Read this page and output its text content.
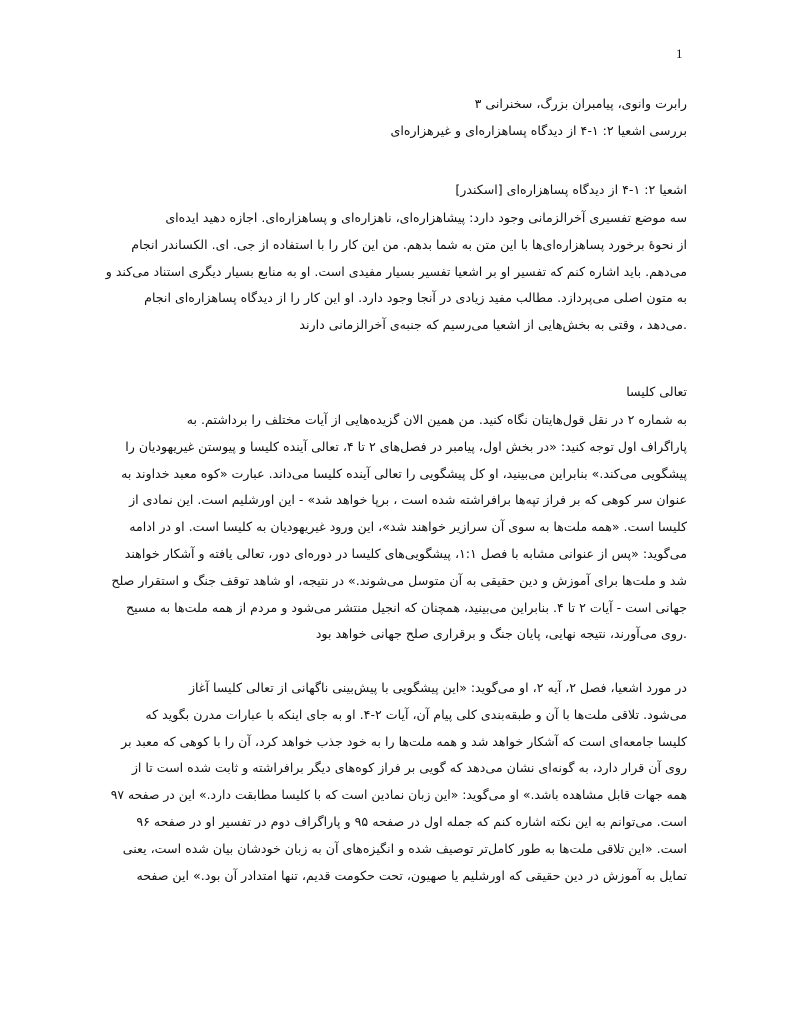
1
رابرت وانوی، پیامبران بزرگ، سخنرانی ۳
بررسی اشعیا ۲: ۱-۴ از دیدگاه پساهزاره‌ای و غیرهزاره‌ای
اشعیا ۲: ۱-۴ از دیدگاه پساهزاره‌ای [اسکندر]
سه موضع تفسیری آخرالزمانی وجود دارد: پیشاهزاره‌ای، ناهزاره‌ای و پساهزاره‌ای. اجازه دهید ایده‌ای
از نحوهٔ برخورد پساهزاره‌ای‌ها با این متن به شما بدهم. من این کار را با استفاده از جی. ای. الکساندر انجام
می‌دهم. باید اشاره کنم که تفسیر او بر اشعیا تفسیر بسیار مفیدی است. او به منابع بسیار دیگری استناد می‌کند و
به متون اصلی می‌پردازد. مطالب مفید زیادی در آنجا وجود دارد. او این کار را از دیدگاه پساهزاره‌ای انجام
.می‌دهد ، وقتی به بخش‌هایی از اشعیا می‌رسیم که جنبه‌ی آخرالزمانی دارند
تعالی کلیسا
به شماره ۲ در نقل قول‌هایتان نگاه کنید. من همین الان گزیده‌هایی از آیات مختلف را برداشتم. به
پاراگراف اول توجه کنید: «در بخش اول، پیامبر در فصل‌های ۲ تا ۴، تعالی آینده کلیسا و پیوستن غیریهودیان را
پیشگویی می‌کند.» بنابراین می‌بینید، او کل پیشگویی را تعالی آینده کلیسا می‌داند. عبارت «کوه معبد خداوند به
عنوان سر کوهی که بر فراز تپه‌ها برافراشته شده است ، برپا خواهد شد» - این اورشلیم است. این نمادی از
کلیسا است. «همه ملت‌ها به سوی آن سرازیر خواهند شد»، این ورود غیریهودیان به کلیسا است. او در ادامه
می‌گوید: «پس از عنوانی مشابه با فصل ۱:۱، پیشگویی‌های کلیسا در دوره‌ای دور، تعالی یافته و آشکار خواهند
شد و ملت‌ها برای آموزش و دین حقیقی به آن متوسل می‌شوند.» در نتیجه، او شاهد توقف جنگ و استقرار صلح
جهانی است - آیات ۲ تا ۴. بنابراین می‌بینید، همچنان که انجیل منتشر می‌شود و مردم از همه ملت‌ها به مسیح
.روی می‌آورند، نتیجه نهایی، پایان جنگ و برقراری صلح جهانی خواهد بود
در مورد اشعیا، فصل ۲، آیه ۲، او می‌گوید: «این پیشگویی با پیش‌بینی ناگهانی از تعالی کلیسا آغاز
می‌شود. تلاقی ملت‌ها با آن و طبقه‌بندی کلی پیام آن، آیات ۲-۴. او به جای اینکه با عبارات مدرن بگوید که
کلیسا جامعه‌ای است که آشکار خواهد شد و همه ملت‌ها را به خود جذب خواهد کرد، آن را با کوهی که معبد بر
روی آن قرار دارد، به گونه‌ای نشان می‌دهد که گویی بر فراز کوه‌های دیگر برافراشته و ثابت شده است تا از
همه جهات قابل مشاهده باشد.» او می‌گوید: «این زبان نمادین است که با کلیسا مطابقت دارد.» این در صفحه ۹۷
است. می‌توانم به این نکته اشاره کنم که جمله اول در صفحه ۹۵ و پاراگراف دوم در تفسیر او در صفحه ۹۶
است. «این تلاقی ملت‌ها به طور کامل‌تر توصیف شده و انگیزه‌های آن به زبان خودشان بیان شده است، یعنی
تمایل به آموزش در دین حقیقی که اورشلیم یا صهیون، تحت حکومت قدیم، تنها امتدادر آن بود.» این صفحه
